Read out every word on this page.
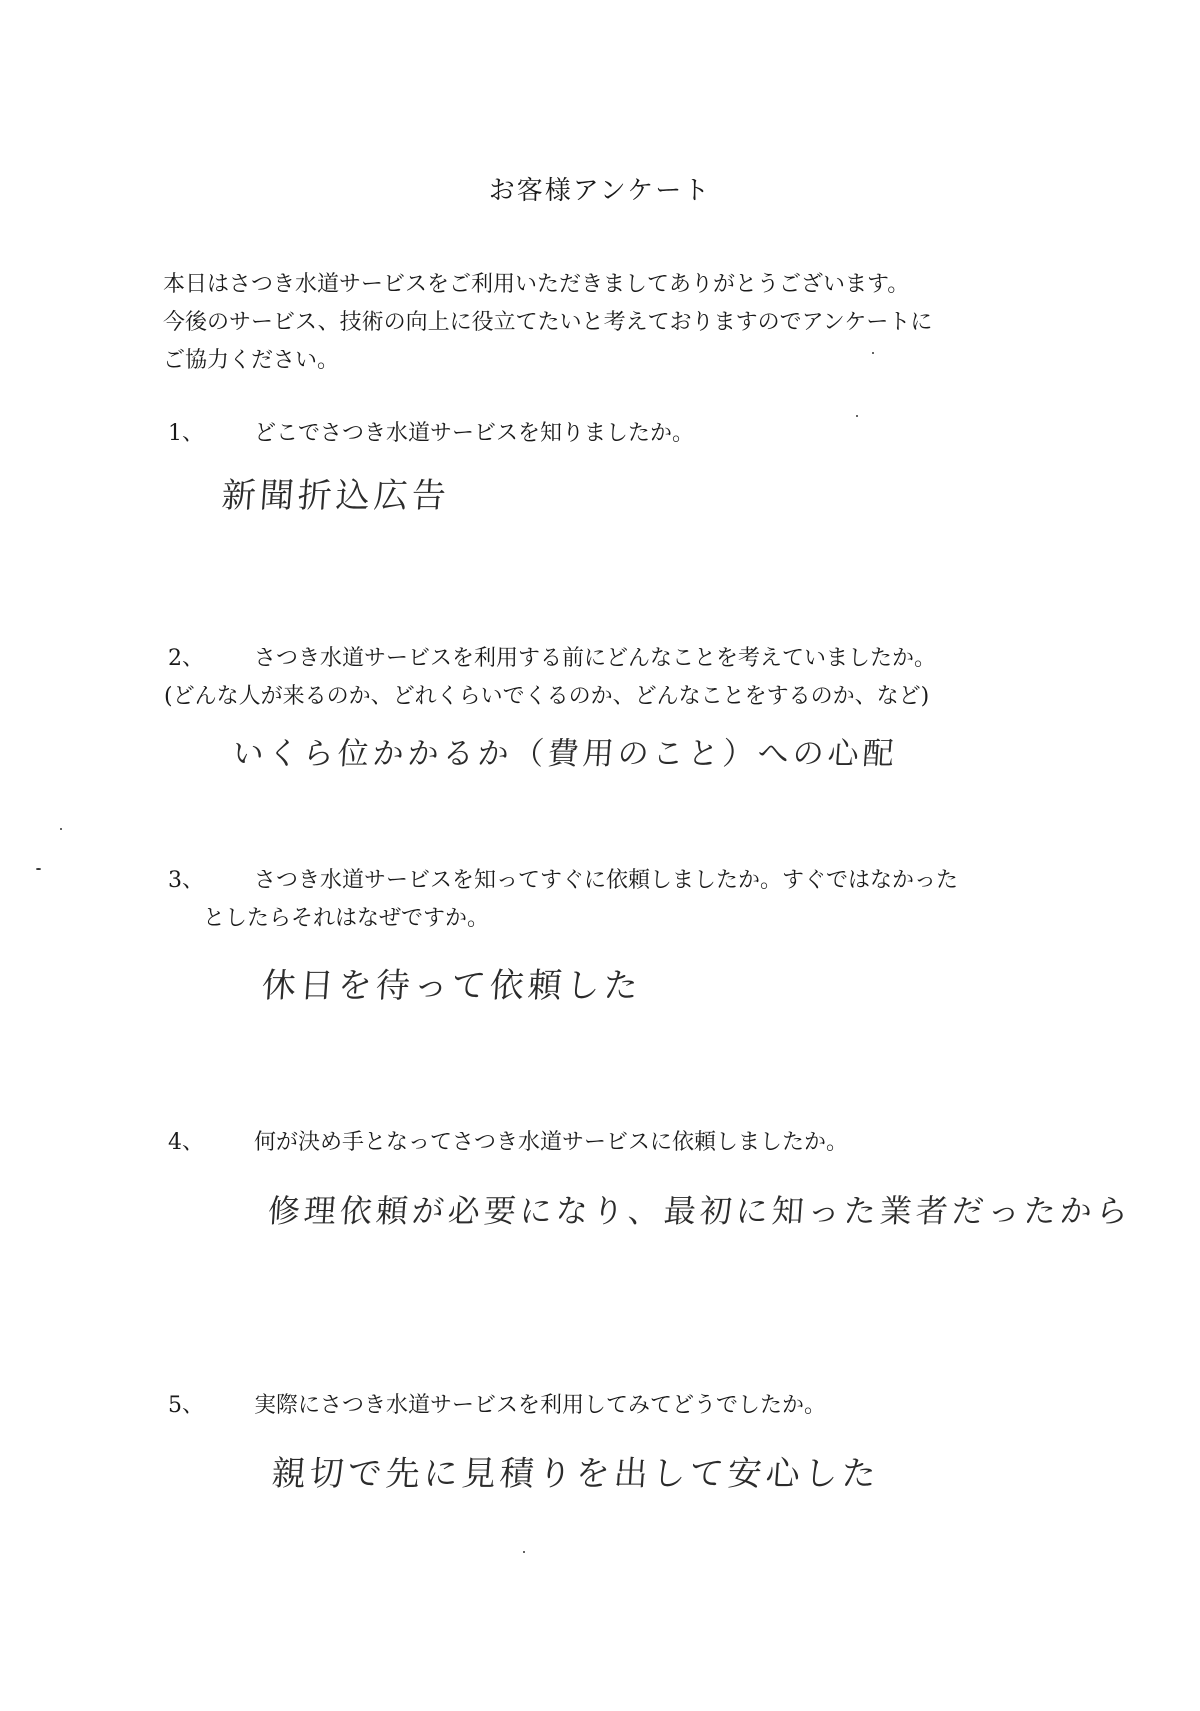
お客様アンケート
本日はさつき水道サービスをご利用いただきましてありがとうございます。
今後のサービス、技術の向上に役立てたいと考えておりますのでアンケートに
ご協力ください。
1、 どこでさつき水道サービスを知りましたか。
新聞折込広告
2、 さつき水道サービスを利用する前にどんなことを考えていましたか。
(どんな人が来るのか、どれくらいでくるのか、どんなことをするのか、など)
いくら位かかるか（費用のこと）への心配
3、 さつき水道サービスを知ってすぐに依頼しましたか。すぐではなかった
としたらそれはなぜですか。
休日を待って依頼した
4、 何が決め手となってさつき水道サービスに依頼しましたか。
修理依頼が必要になり、最初に知った業者だったから
5、 実際にさつき水道サービスを利用してみてどうでしたか。
親切で先に見積りを出して安心した
